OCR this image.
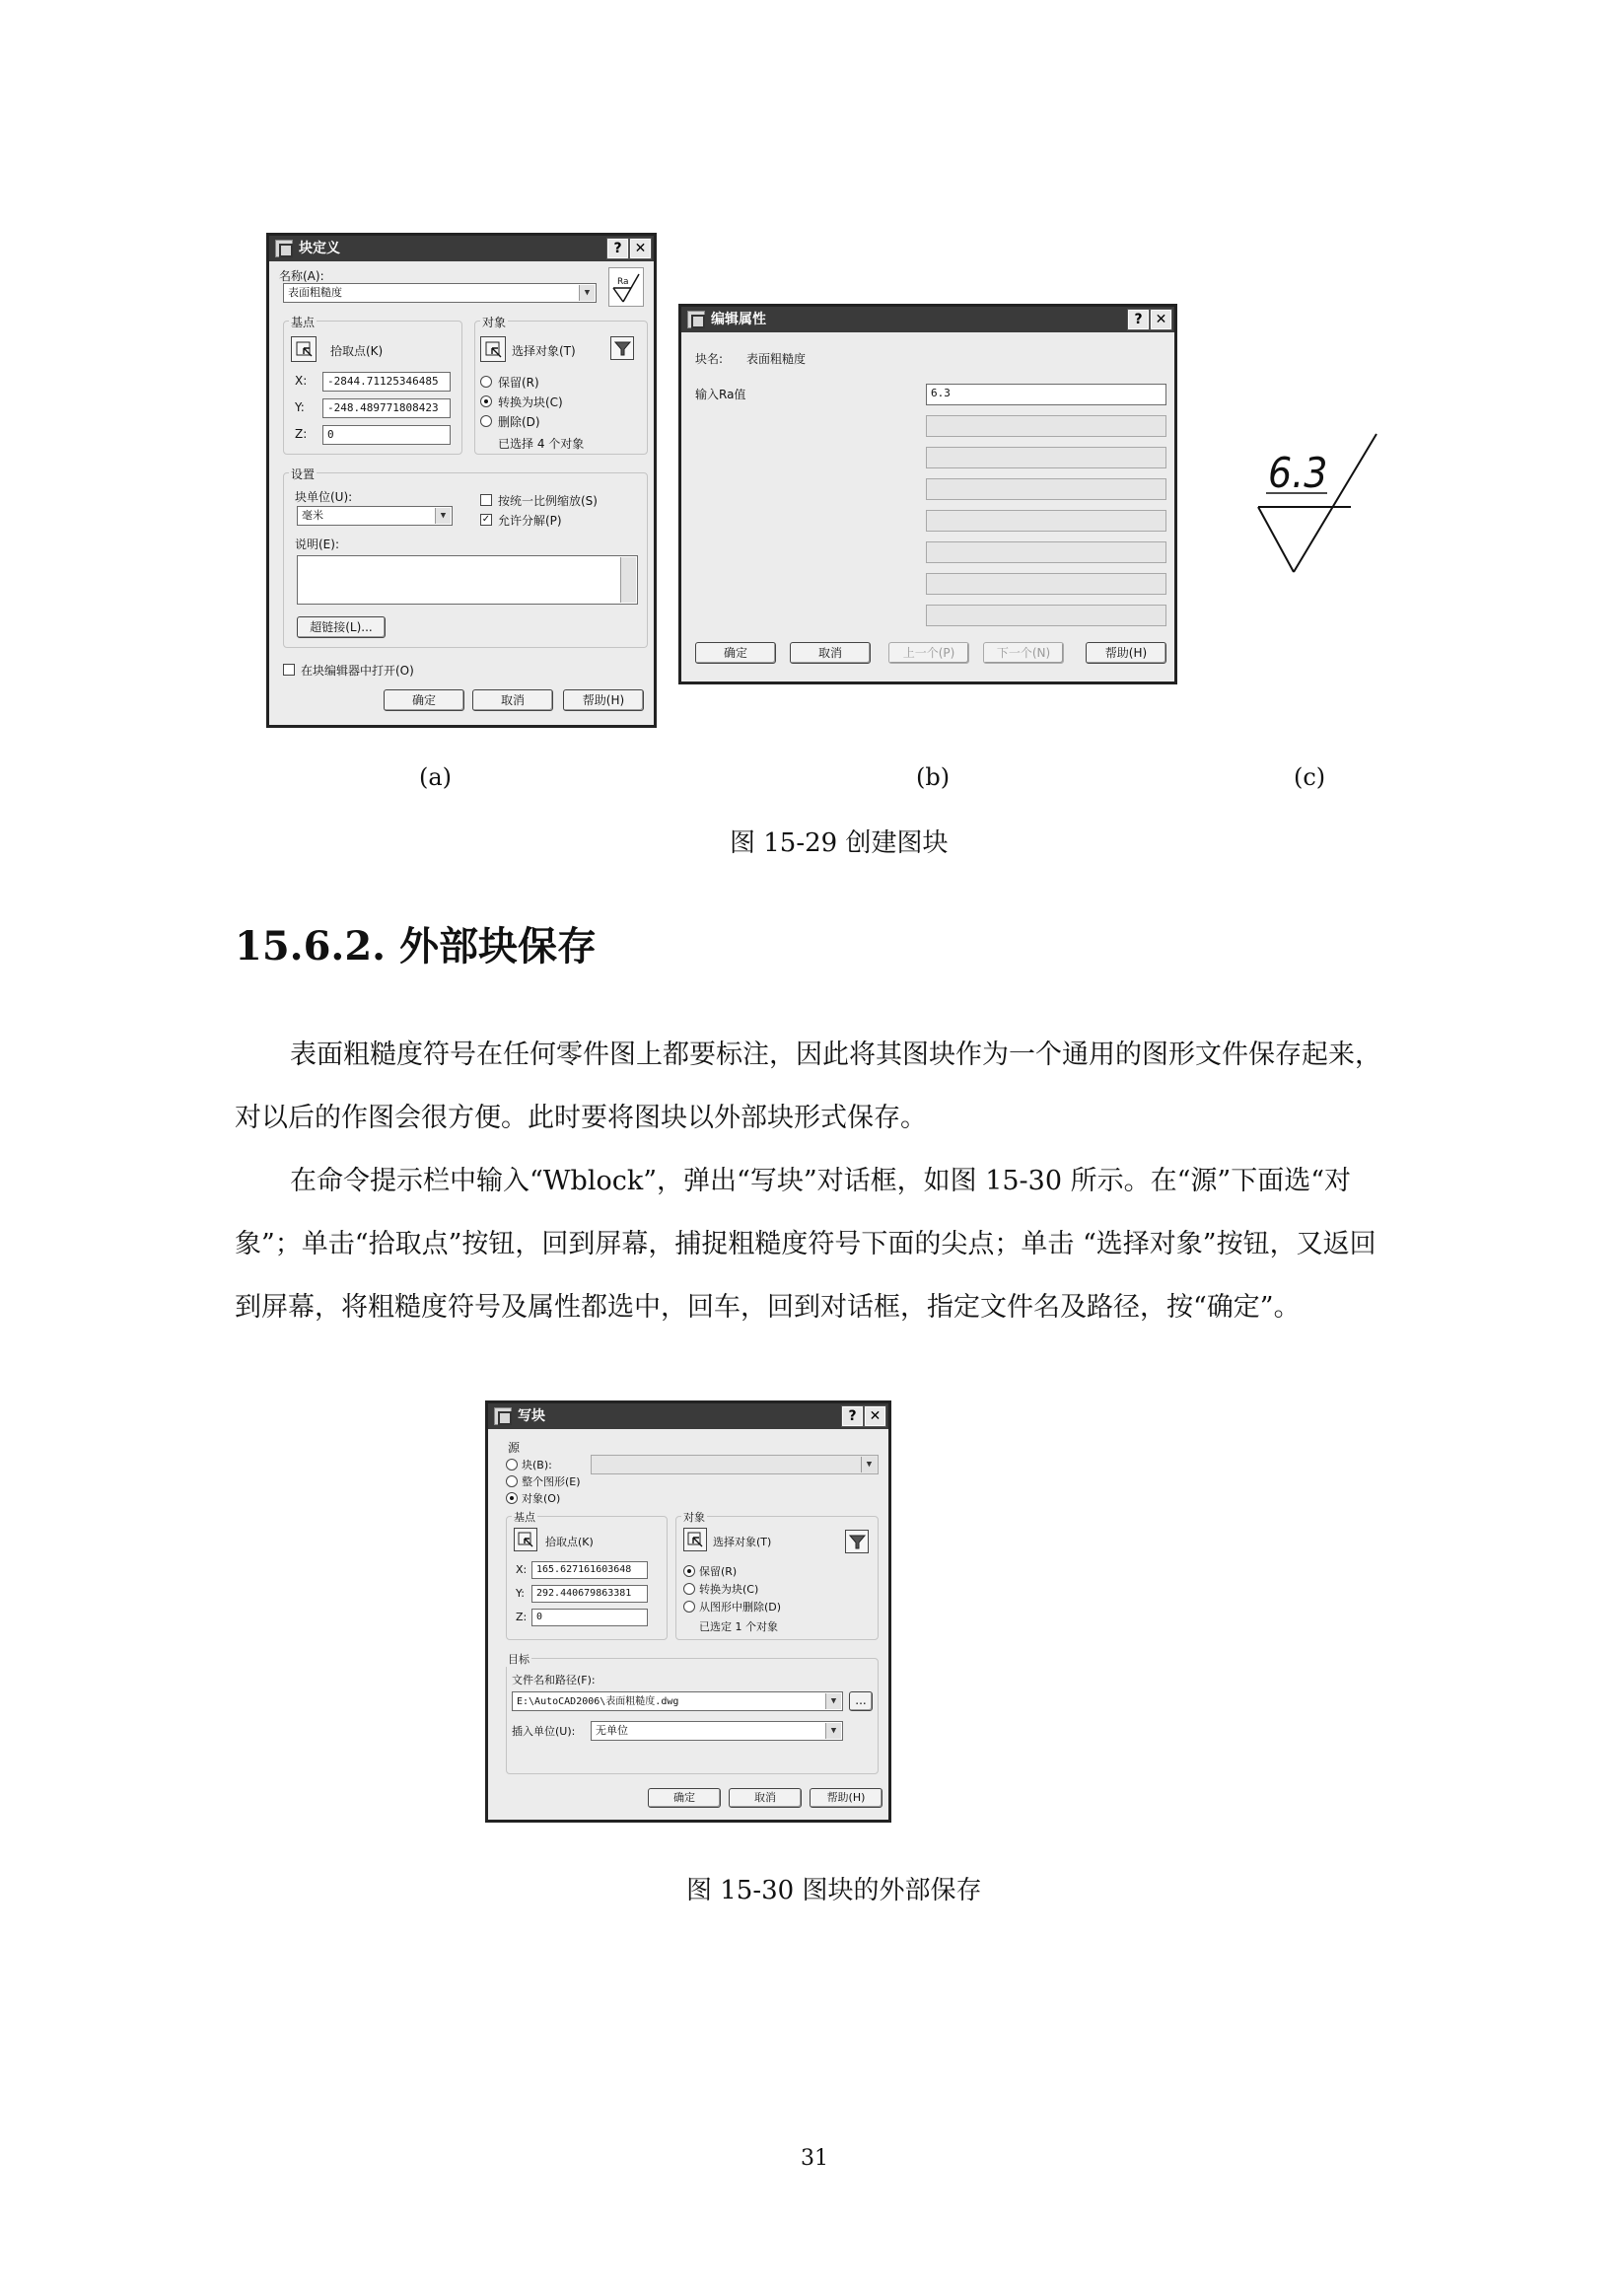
块定义	? ✕
名称(A):
表面粗糙度	▼
Ra
基点
拾取点(K)
X:	-2844.71125346485
Y:	-248.489771808423
Z:	0
对象
选择对象(T)
保留(R)
转换为块(C)
删除(D)
已选择 4 个对象
设置
块单位(U):
毫米	▼
按统一比例缩放(S)
✓ 允许分解(P)
说明(E):
超链接(L)...
在块编辑器中打开(O)
确定	取消	帮助(H)
编辑属性	? ✕
块名: 表面粗糙度
输入Ra值	6.3
确定	取消	上一个(P)	下一个(N)	帮助(H)
6.3
(a)	(b)	(c)
图 15-29 创建图块
15.6.2. 外部块保存

表面粗糙度符号在任何零件图上都要标注，因此将其图块作为一个通用的图形文件保存起来，对以后的作图会很方便。此时要将图块以外部块形式保存。

在命令提示栏中输入“Wblock”，弹出“写块”对话框，如图 15-30 所示。在“源”下面选“对象”；单击“拾取点”按钮，回到屏幕，捕捉粗糙度符号下面的尖点；单击 “选择对象”按钮，又返回到屏幕，将粗糙度符号及属性都选中，回车，回到对话框，指定文件名及路径，按“确定”。

写块	? ✕
源
块(B):	▼
整个图形(E)
对象(O)
基点
拾取点(K)
X: 165.627161603648
Y:	292.440679863381
Z: 0
对象
选择对象(T)
保留(R)
转换为块(C)
从图形中删除(D)
已选定 1 个对象
目标
文件名和路径(F):
E:\AutoCAD2006\表面粗糙度.dwg	▼	...
插入单位(U):	无单位	▼
确定	取消	帮助(H)
图 15-30 图块的外部保存
31
